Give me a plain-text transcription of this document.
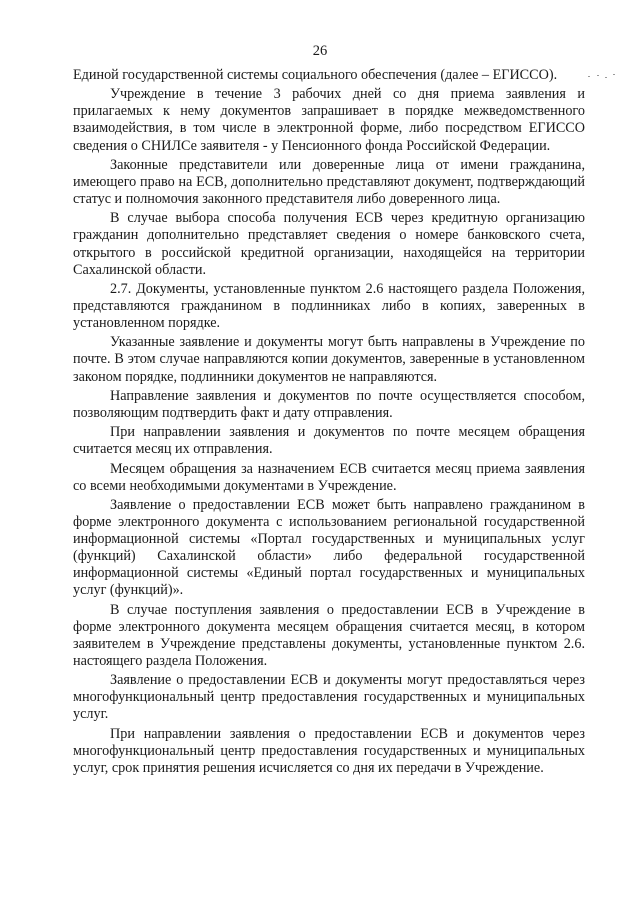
26

Единой государственной системы социального обеспечения (далее – ЕГИССО).

Учреждение в течение 3 рабочих дней со дня приема заявления и прилагаемых к нему документов запрашивает в порядке межведомственного взаимодействия, в том числе в электронной форме, либо посредством ЕГИССО сведения о СНИЛСе заявителя - у Пенсионного фонда Российской Федерации.

Законные представители или доверенные лица от имени гражданина, имеющего право на ЕСВ, дополнительно представляют документ, подтверждающий статус и полномочия законного представителя либо доверенного лица.

В случае выбора способа получения ЕСВ через кредитную организацию гражданин дополнительно представляет сведения о номере банковского счета, открытого в российской кредитной организации, находящейся на территории Сахалинской области.

2.7. Документы, установленные пунктом 2.6 настоящего раздела Положения, представляются гражданином в подлинниках либо в копиях, заверенных в установленном порядке.

Указанные заявление и документы могут быть направлены в Учреждение по почте. В этом случае направляются копии документов, заверенные в установленном законом порядке, подлинники документов не направляются.

Направление заявления и документов по почте осуществляется способом, позволяющим подтвердить факт и дату отправления.

При направлении заявления и документов по почте месяцем обращения считается месяц их отправления.

Месяцем обращения за назначением ЕСВ считается месяц приема заявления со всеми необходимыми документами в Учреждение.

Заявление о предоставлении ЕСВ может быть направлено гражданином в форме электронного документа с использованием региональной государственной информационной системы «Портал государственных и муниципальных услуг (функций) Сахалинской области» либо федеральной государственной информационной системы «Единый портал государственных и муниципальных услуг (функций)».

В случае поступления заявления о предоставлении ЕСВ в Учреждение в форме электронного документа месяцем обращения считается месяц, в котором заявителем в Учреждение представлены документы, установленные пунктом 2.6. настоящего раздела Положения.

Заявление о предоставлении ЕСВ и документы могут предоставляться через многофункциональный центр предоставления государственных и муниципальных услуг.

При направлении заявления о предоставлении ЕСВ и документов через многофункциональный центр предоставления государственных и муниципальных услуг, срок принятия решения исчисляется со дня их передачи в Учреждение.
